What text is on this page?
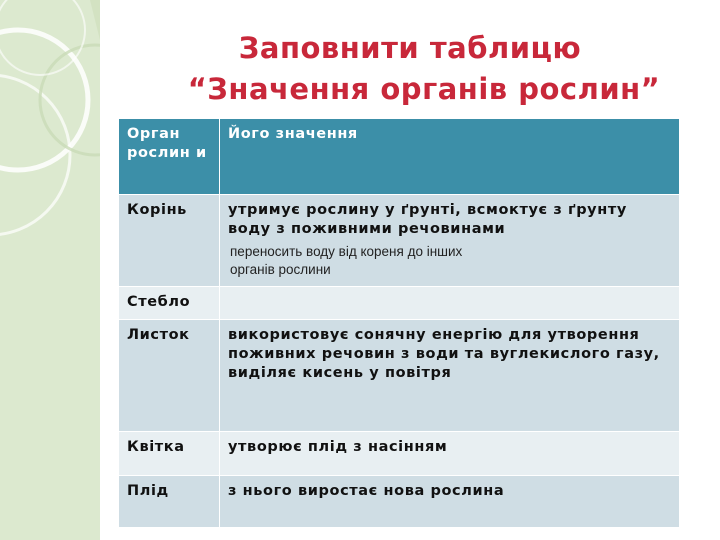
Заповнити таблицю
“Значення органів рослин”
Орган рослин и	Його значення
Корінь	утримує рослину у ґрунті, всмоктує з ґрунту воду з поживними речовинами
переносить воду від кореня до інших
органів рослини

Стебло	
Листок	використовує сонячну енергію для утворення поживних речовин з води та вуглекислого газу, виділяє кисень у повітря
Квітка	утворює плід з насінням
Плід	з нього виростає нова рослина
